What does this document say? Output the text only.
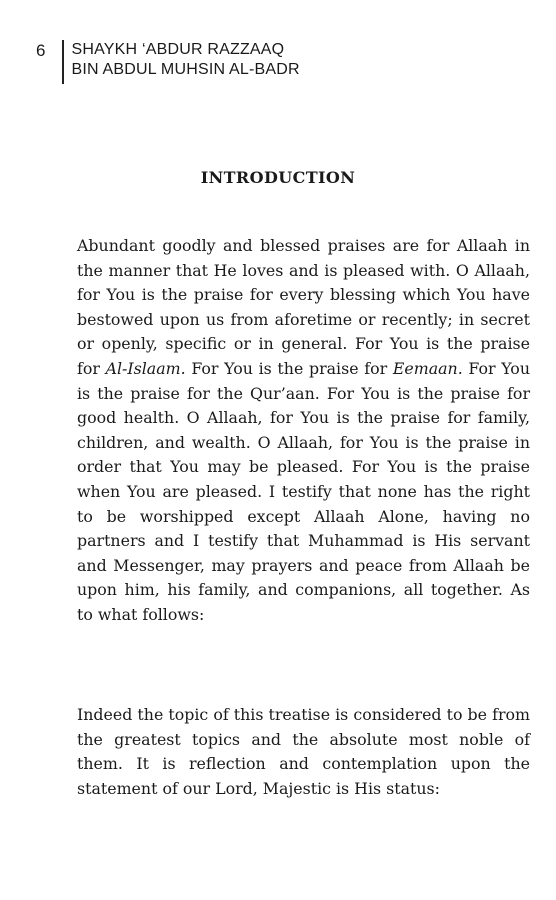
6	SHAYKH ‘ABDUR RAZZAAQ
BIN ABDUL MUHSIN AL-BADR
INTRODUCTION
Abundant goodly and blessed praises are for Allaah in the manner that He loves and is pleased with. O Allaah, for You is the praise for every blessing which You have bestowed upon us from aforetime or recently; in secret or openly, specific or in general. For You is the praise for Al-Islaam. For You is the praise for Eemaan. For You is the praise for the Qur’aan. For You is the praise for good health. O Allaah, for You is the praise for family, children, and wealth. O Allaah, for You is the praise in order that You may be pleased. For You is the praise when You are pleased. I testify that none has the right to be worshipped except Allaah Alone, having no partners and I testify that Muhammad is His servant and Messenger, may prayers and peace from Allaah be upon him, his family, and companions, all together. As to what follows:
Indeed the topic of this treatise is considered to be from the greatest topics and the absolute most noble of them. It is reflection and contemplation upon the statement of our Lord, Majestic is His status:
